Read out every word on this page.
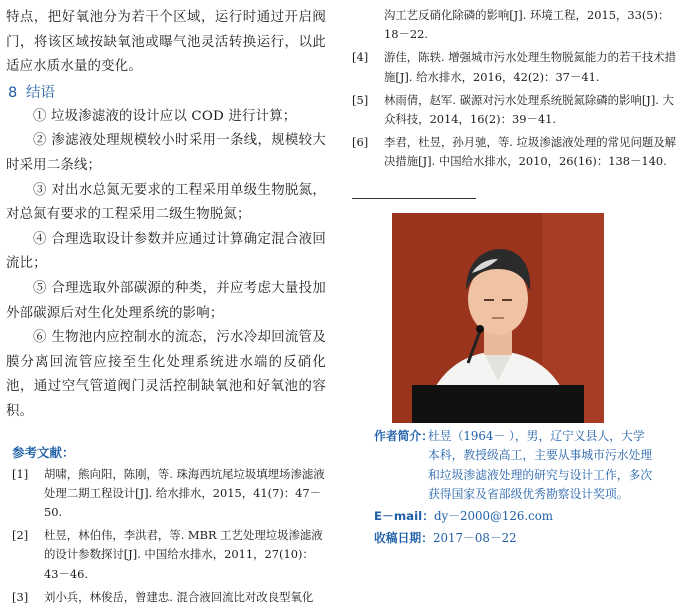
特点，把好氧池分为若干个区域，运行时通过开启阀门，将该区域按缺氧池或曝气池灵活转换运行，以此适应水质水量的变化。

8 结语

① 垃圾渗滤液的设计应以 COD 进行计算；

② 渗滤液处理规模较小时采用一条线，规模较大时采用二条线；

③ 对出水总氮无要求的工程采用单级生物脱氮，对总氮有要求的工程采用二级生物脱氮；

④ 合理选取设计参数并应通过计算确定混合液回流比；

⑤ 合理选取外部碳源的种类，并应考虑大量投加外部碳源后对生化处理系统的影响；

⑥ 生物池内应控制水的流态，污水冷却回流管及膜分离回流管应接至生化处理系统进水端的反硝化池，通过空气管道阀门灵活控制缺氧池和好氧池的容积。

参考文献：
[1] 胡啸，熊向阳，陈刚，等. 珠海西坑尾垃圾填埋场渗滤液处理二期工程设计[J]. 给水排水，2015，41(7)：47－50.
[2] 杜昱，林伯伟，李洪君，等. MBR 工艺处理垃圾渗滤液的设计参数探讨[J]. 中国给水排水，2011，27(10)：43－46.
[3] 刘小兵，林俊岳，曾建忠. 混合液回流比对改良型氧化
沟工艺反硝化除磷的影响[J]. 环境工程，2015，33(5)：18－22.
[4] 游佳，陈轶. 增强城市污水处理生物脱氮能力的若干技术措施[J]. 给水排水，2016，42(2)：37－41.
[5] 林雨倩，赵军. 碳源对污水处理系统脱氮除磷的影响[J]. 大众科技，2014，16(2)：39－41.
[6] 李君，杜昱，孙月驰，等. 垃圾渗滤液处理的常见问题及解决措施[J]. 中国给水排水，2010，26(16)：138－140.
作者简介：
杜昱（1964－ ），男，辽宁义县人，大学本科，教授级高工，主要从事城市污水处理和垃圾渗滤液处理的研究与设计工作，多次获得国家及省部级优秀勘察设计奖项。
E－mail：dy－2000@126.com
收稿日期：2017－08－22
